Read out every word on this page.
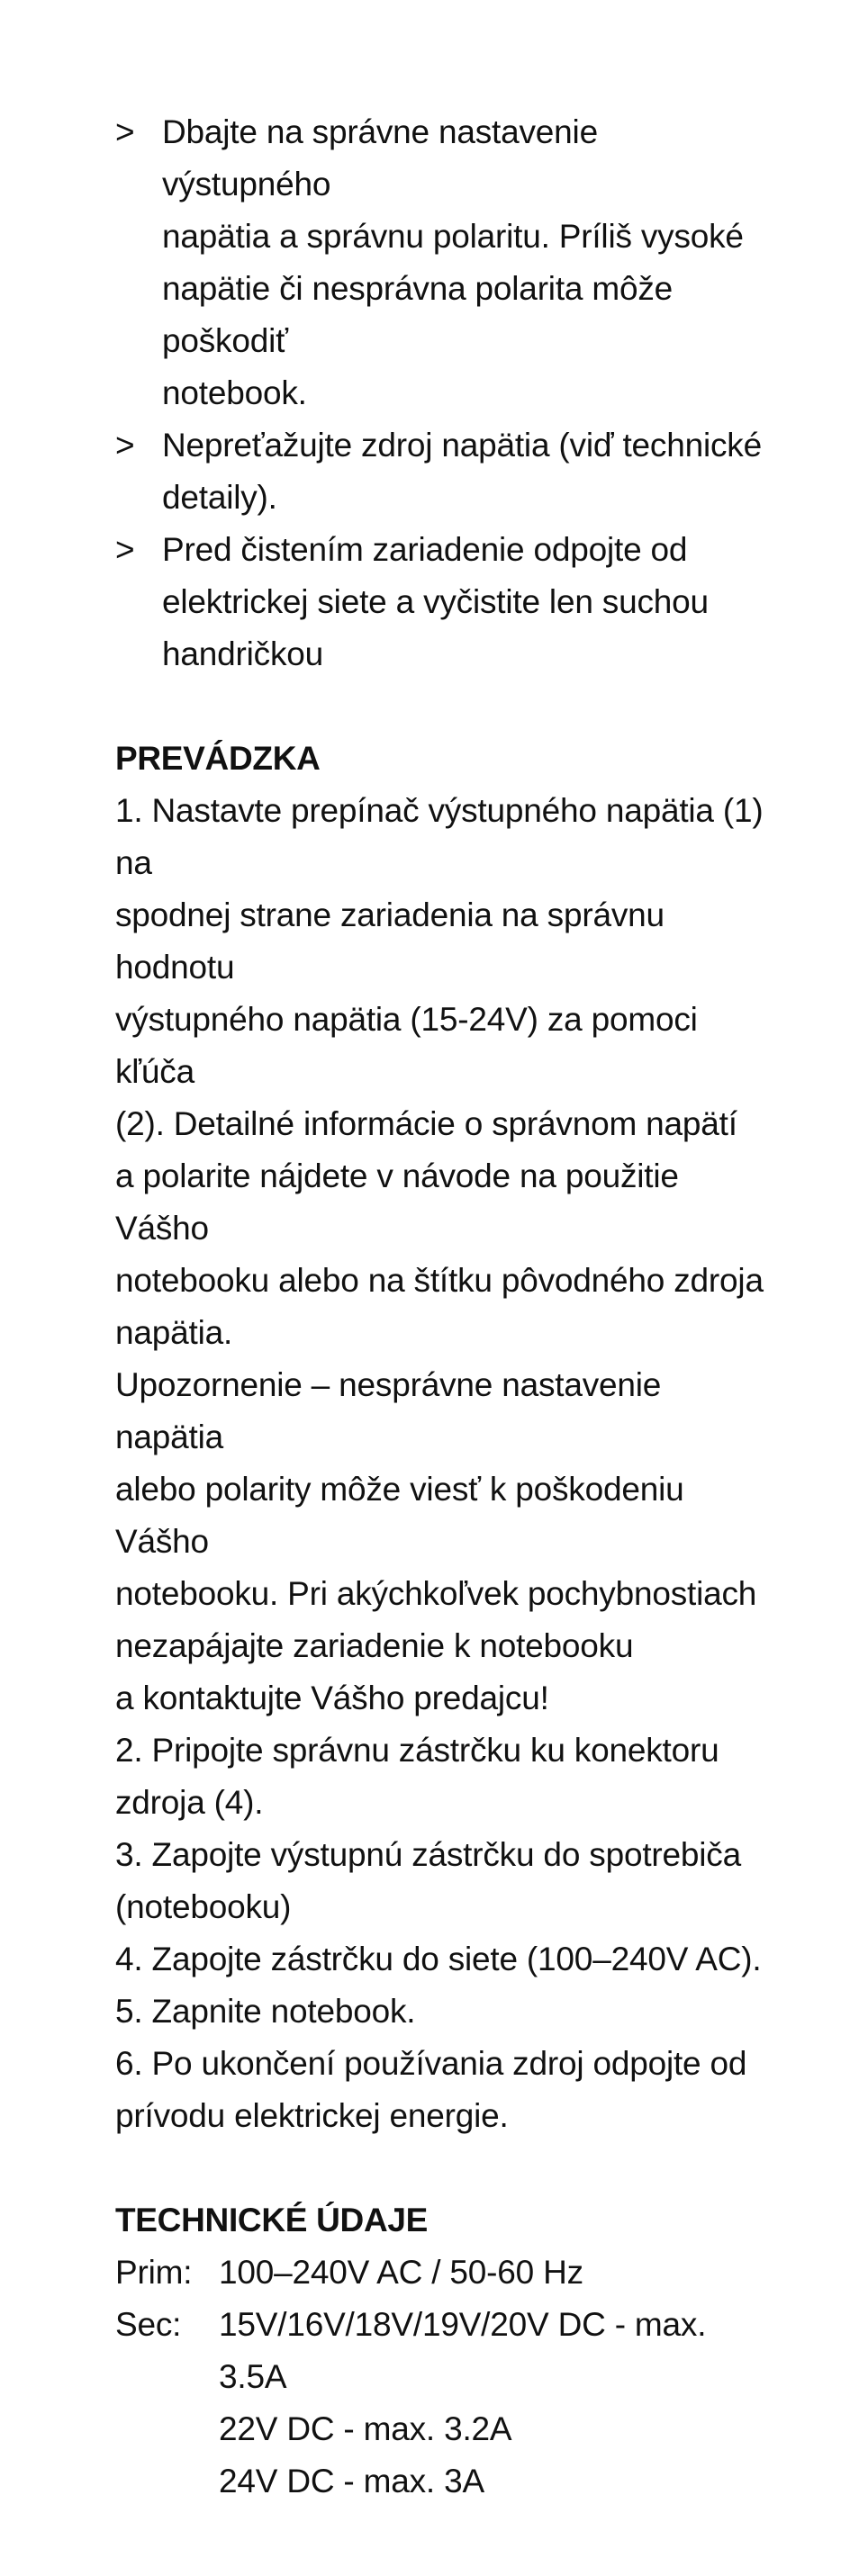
> Dbajte na správne nastavenie výstupného
napätia a správnu polaritu. Príliš vysoké
napätie či nesprávna polarita môže poškodiť
notebook.
> Nepreťažujte zdroj napätia (viď technické
detaily).
> Pred čistením zariadenie odpojte od
elektrickej siete a vyčistite len suchou
handričkou
PREVÁDZKA
1. Nastavte prepínač výstupného napätia (1) na
spodnej strane zariadenia na správnu hodnotu
výstupného napätia (15-24V) za pomoci kľúča
(2). Detailné informácie o správnom napätí
a polarite nájdete v návode na použitie Vášho
notebooku alebo na štítku pôvodného zdroja
napätia.
Upozornenie – nesprávne nastavenie napätia
alebo polarity môže viesť k poškodeniu Vášho
notebooku. Pri akýchkoľvek pochybnostiach
nezapájajte zariadenie k notebooku
a kontaktujte Vášho predajcu!
2. Pripojte správnu zástrčku ku konektoru
zdroja (4).
3. Zapojte výstupnú zástrčku do spotrebiča
(notebooku)
4. Zapojte zástrčku do siete (100–240V AC).
5. Zapnite notebook.
6. Po ukončení používania zdroj odpojte od
prívodu elektrickej energie.
TECHNICKÉ ÚDAJE
Prim:	100–240V AC / 50-60 Hz
Sec:	15V/16V/18V/19V/20V DC - max. 3.5A
	22V DC - max. 3.2A
	24V DC - max. 3A
